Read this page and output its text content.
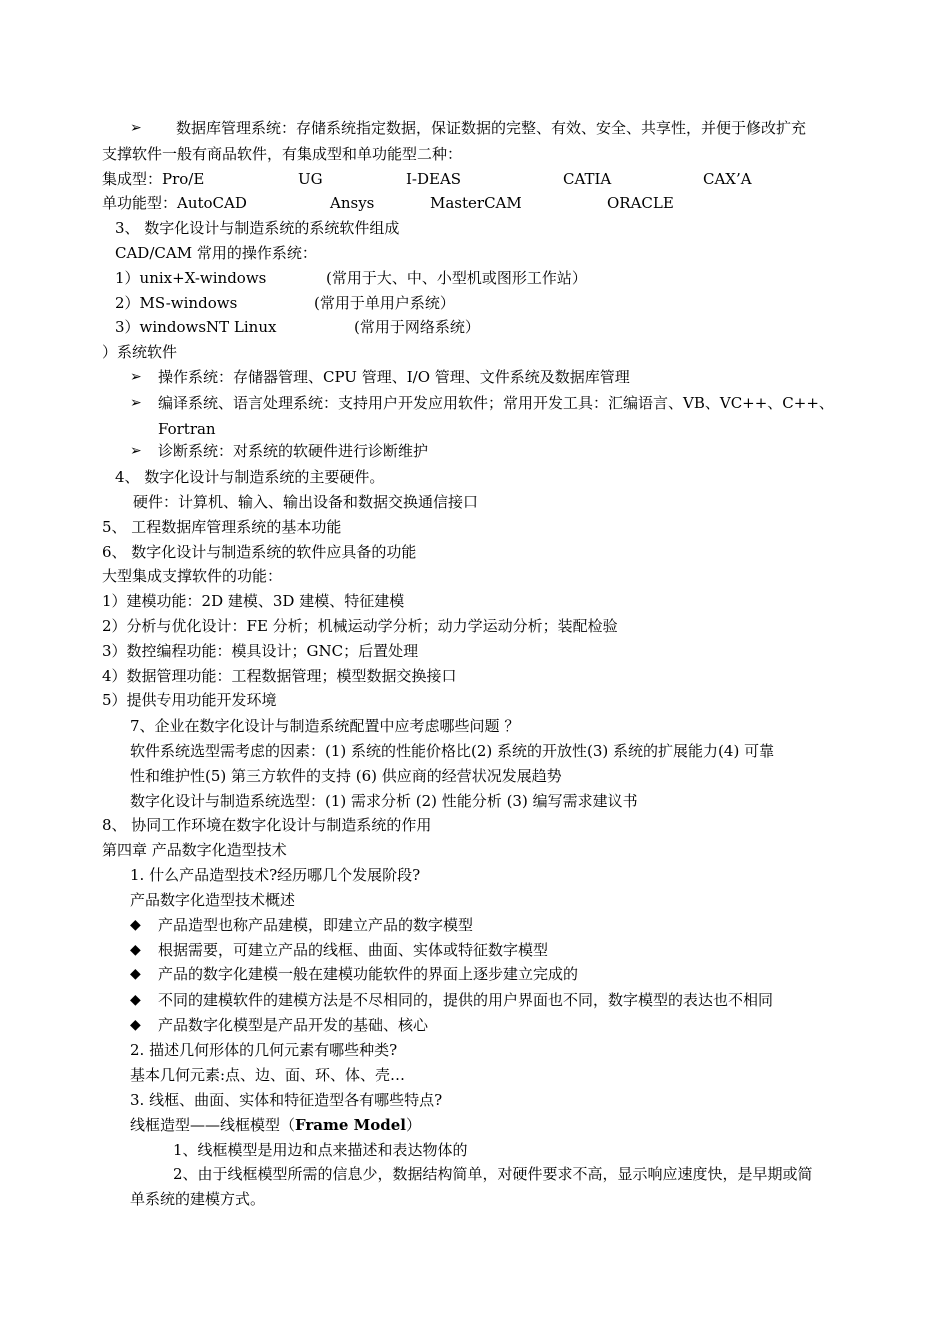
➢ 数据库管理系统：存储系统指定数据，保证数据的完整、有效、安全、共享性，并便于修改扩充
支撑软件一般有商品软件，有集成型和单功能型二种：
集成型：Pro/E	UG	I-DEAS	CATIA	CAX’A
单功能型：AutoCAD	Ansys	MasterCAM	ORACLE
3、 数字化设计与制造系统的系统软件组成
CAD/CAM 常用的操作系统：
1）unix+X-windows	(常用于大、中、小型机或图形工作站）
2）MS-windows	(常用于单用户系统）
3）windowsNT Linux	(常用于网络系统）
）系统软件
➢ 操作系统：存储器管理、CPU 管理、I/O 管理、文件系统及数据库管理
➢ 编译系统、语言处理系统：支持用户开发应用软件；常用开发工具：汇编语言、VB、VC++、C++、
Fortran
➢ 诊断系统：对系统的软硬件进行诊断维护
4、 数字化设计与制造系统的主要硬件。
硬件：计算机、输入、输出设备和数据交换通信接口
5、 工程数据库管理系统的基本功能
6、 数字化设计与制造系统的软件应具备的功能
大型集成支撑软件的功能：
1）建模功能：2D 建模、3D 建模、特征建模
2）分析与优化设计：FE 分析；机械运动学分析；动力学运动分析；装配检验
3）数控编程功能：模具设计；GNC；后置处理
4）数据管理功能：工程数据管理；模型数据交换接口
5）提供专用功能开发环境
7、企业在数字化设计与制造系统配置中应考虑哪些问题 ？
软件系统选型需考虑的因素：(1) 系统的性能价格比(2) 系统的开放性(3) 系统的扩展能力(4) 可靠
性和维护性(5) 第三方软件的支持 (6) 供应商的经营状况发展趋势
数字化设计与制造系统选型：(1) 需求分析 (2) 性能分析 (3) 编写需求建议书
8、 协同工作环境在数字化设计与制造系统的作用
第四章 产品数字化造型技术
1. 什么产品造型技术?经历哪几个发展阶段?
产品数字化造型技术概述
◆ 产品造型也称产品建模，即建立产品的数字模型
◆ 根据需要，可建立产品的线框、曲面、实体或特征数字模型
◆ 产品的数字化建模一般在建模功能软件的界面上逐步建立完成的
◆ 不同的建模软件的建模方法是不尽相同的，提供的用户界面也不同，数字模型的表达也不相同
◆ 产品数字化模型是产品开发的基础、核心
2. 描述几何形体的几何元素有哪些种类?
基本几何元素:点、边、面、环、体、壳…
3. 线框、曲面、实体和特征造型各有哪些特点?
线框造型——线框模型（Frame Model）
1、线框模型是用边和点来描述和表达物体的
2、由于线框模型所需的信息少，数据结构简单，对硬件要求不高，显示响应速度快，是早期或简
单系统的建模方式。
